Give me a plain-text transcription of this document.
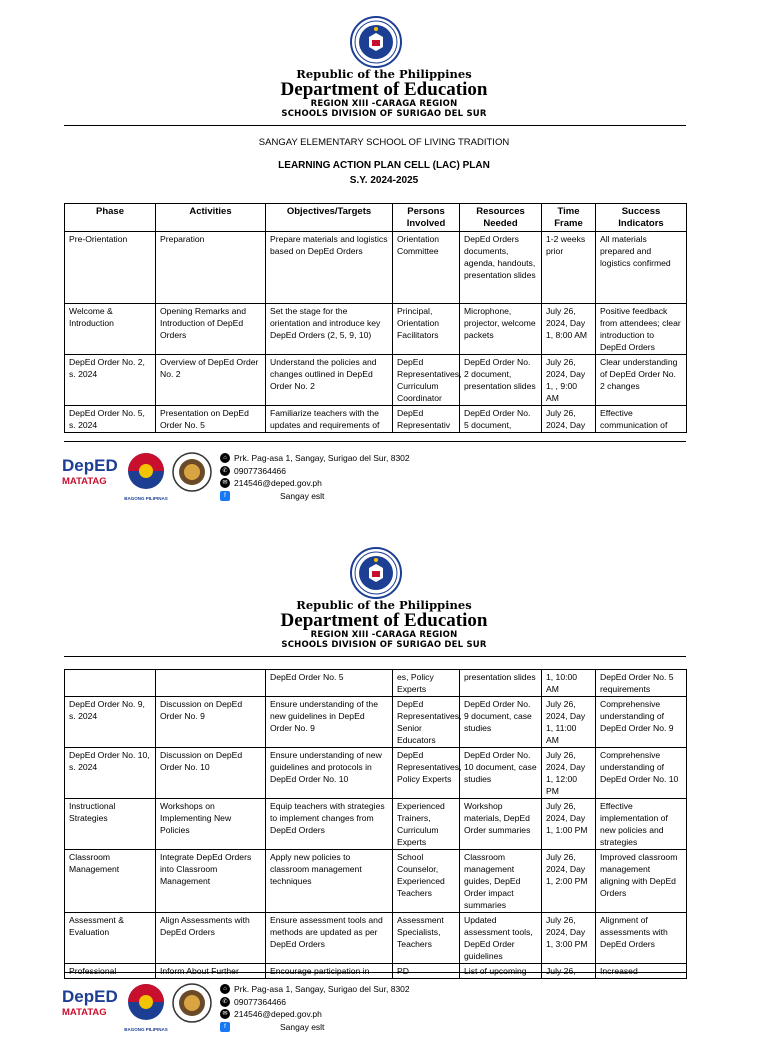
Republic of the Philippines
Department of Education
REGION XIII -CARAGA REGION
SCHOOLS DIVISION OF SURIGAO DEL SUR
SANGAY ELEMENTARY SCHOOL OF LIVING TRADITION
LEARNING ACTION PLAN CELL (LAC) PLAN
S.Y. 2024-2025
Phase	Activities	Objectives/Targets	Persons Involved	Resources Needed	Time Frame	Success Indicators
Pre-Orientation	Preparation	Prepare materials and logistics based on DepEd Orders	Orientation Committee	DepEd Orders documents, agenda, handouts, presentation slides	1-2 weeks prior	All materials prepared and logistics confirmed
Welcome & Introduction	Opening Remarks and Introduction of DepEd Orders	Set the stage for the orientation and introduce key DepEd Orders (2, 5, 9, 10)	Principal, Orientation Facilitators	Microphone, projector, welcome packets	July 26, 2024, Day 1, 8:00 AM	Positive feedback from attendees; clear introduction to DepEd Orders
DepEd Order No. 2, s. 2024	Overview of DepEd Order No. 2	Understand the policies and changes outlined in DepEd Order No. 2	DepEd Representatives, Curriculum Coordinator	DepEd Order No. 2 document, presentation slides	July 26, 2024, Day 1, , 9:00 AM	Clear understanding of DepEd Order No. 2 changes
DepEd Order No. 5, s. 2024	Presentation on DepEd Order No. 5	Familiarize teachers with the updates and requirements of	DepEd Representativ	DepEd Order No. 5 document,	July 26, 2024, Day	Effective communication of
DepED
MATATAG
BAGONG PILIPINAS
⌂ Prk. Pag-asa 1, Sangay, Surigao del Sur, 8302
✆ 09077364466
✉ 214546@deped.gov.ph
f	Sangay eslt
Republic of the Philippines
Department of Education
REGION XIII -CARAGA REGION
SCHOOLS DIVISION OF SURIGAO DEL SUR
		DepEd Order No. 5	es, Policy Experts	presentation slides	1, 10:00 AM	DepEd Order No. 5 requirements
DepEd Order No. 9, s. 2024	Discussion on DepEd Order No. 9	Ensure understanding of the new guidelines in DepEd Order No. 9	DepEd Representatives, Senior Educators	DepEd Order No. 9 document, case studies	July 26, 2024, Day 1, 11:00 AM	Comprehensive understanding of DepEd Order No. 9
DepEd Order No. 10, s. 2024	Discussion on DepEd Order No. 10	Ensure understanding of new guidelines and protocols in DepEd Order No. 10	DepEd Representatives, Policy Experts	DepEd Order No. 10 document, case studies	July 26, 2024, Day 1, 12:00 PM	Comprehensive understanding of DepEd Order No. 10
Instructional Strategies	Workshops on Implementing New Policies	Equip teachers with strategies to implement changes from DepEd Orders	Experienced Trainers, Curriculum Experts	Workshop materials, DepEd Order summaries	July 26, 2024, Day 1, 1:00 PM	Effective implementation of new policies and strategies
Classroom Management	Integrate DepEd Orders into Classroom Management	Apply new policies to classroom management techniques	School Counselor, Experienced Teachers	Classroom management guides, DepEd Order impact summaries	July 26, 2024, Day 1, 2:00 PM	Improved classroom management aligning with DepEd Orders
Assessment & Evaluation	Align Assessments with DepEd Orders	Ensure assessment tools and methods are updated as per DepEd Orders	Assessment Specialists, Teachers	Updated assessment tools, DepEd Order guidelines	July 26, 2024, Day 1, 3:00 PM	Alignment of assessments with DepEd Orders
Professional	Inform About Further	Encourage participation in	PD	List of upcoming	July 26,	Increased
DepED
MATATAG
BAGONG PILIPINAS
⌂ Prk. Pag-asa 1, Sangay, Surigao del Sur, 8302
✆ 09077364466
✉ 214546@deped.gov.ph
f	Sangay eslt
